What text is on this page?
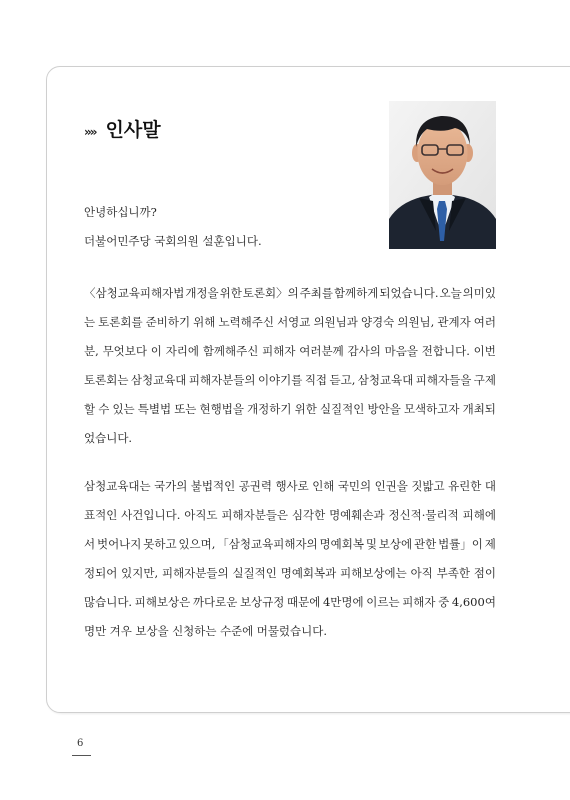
»» 인사말
안녕하십니까?
더불어민주당 국회의원 설훈입니다.
〈삼청교육피해자법 개정을 위한 토론회〉의 주최를 함께하게 되었습니다. 오늘 의미있
는 토론회를 준비하기 위해 노력해주신 서영교 의원님과 양경숙 의원님, 관계자 여러
분, 무엇보다 이 자리에 함께해주신 피해자 여러분께 감사의 마음을 전합니다. 이번
토론회는 삼청교육대 피해자분들의 이야기를 직접 듣고, 삼청교육대 피해자들을 구제
할 수 있는 특별법 또는 현행법을 개정하기 위한 실질적인 방안을 모색하고자 개최되
었습니다.
삼청교육대는 국가의 불법적인 공권력 행사로 인해 국민의 인권을 짓밟고 유린한 대
표적인 사건입니다. 아직도 피해자분들은 심각한 명예훼손과 정신적·물리적 피해에
서 벗어나지 못하고 있으며, 「삼청교육피해자의 명예회복 및 보상에 관한 법률」이 제
정되어 있지만, 피해자분들의 실질적인 명예회복과 피해보상에는 아직 부족한 점이
많습니다. 피해보상은 까다로운 보상규정 때문에 4만명에 이르는 피해자 중 4,600여
명만 겨우 보상을 신청하는 수준에 머물렀습니다.
6
